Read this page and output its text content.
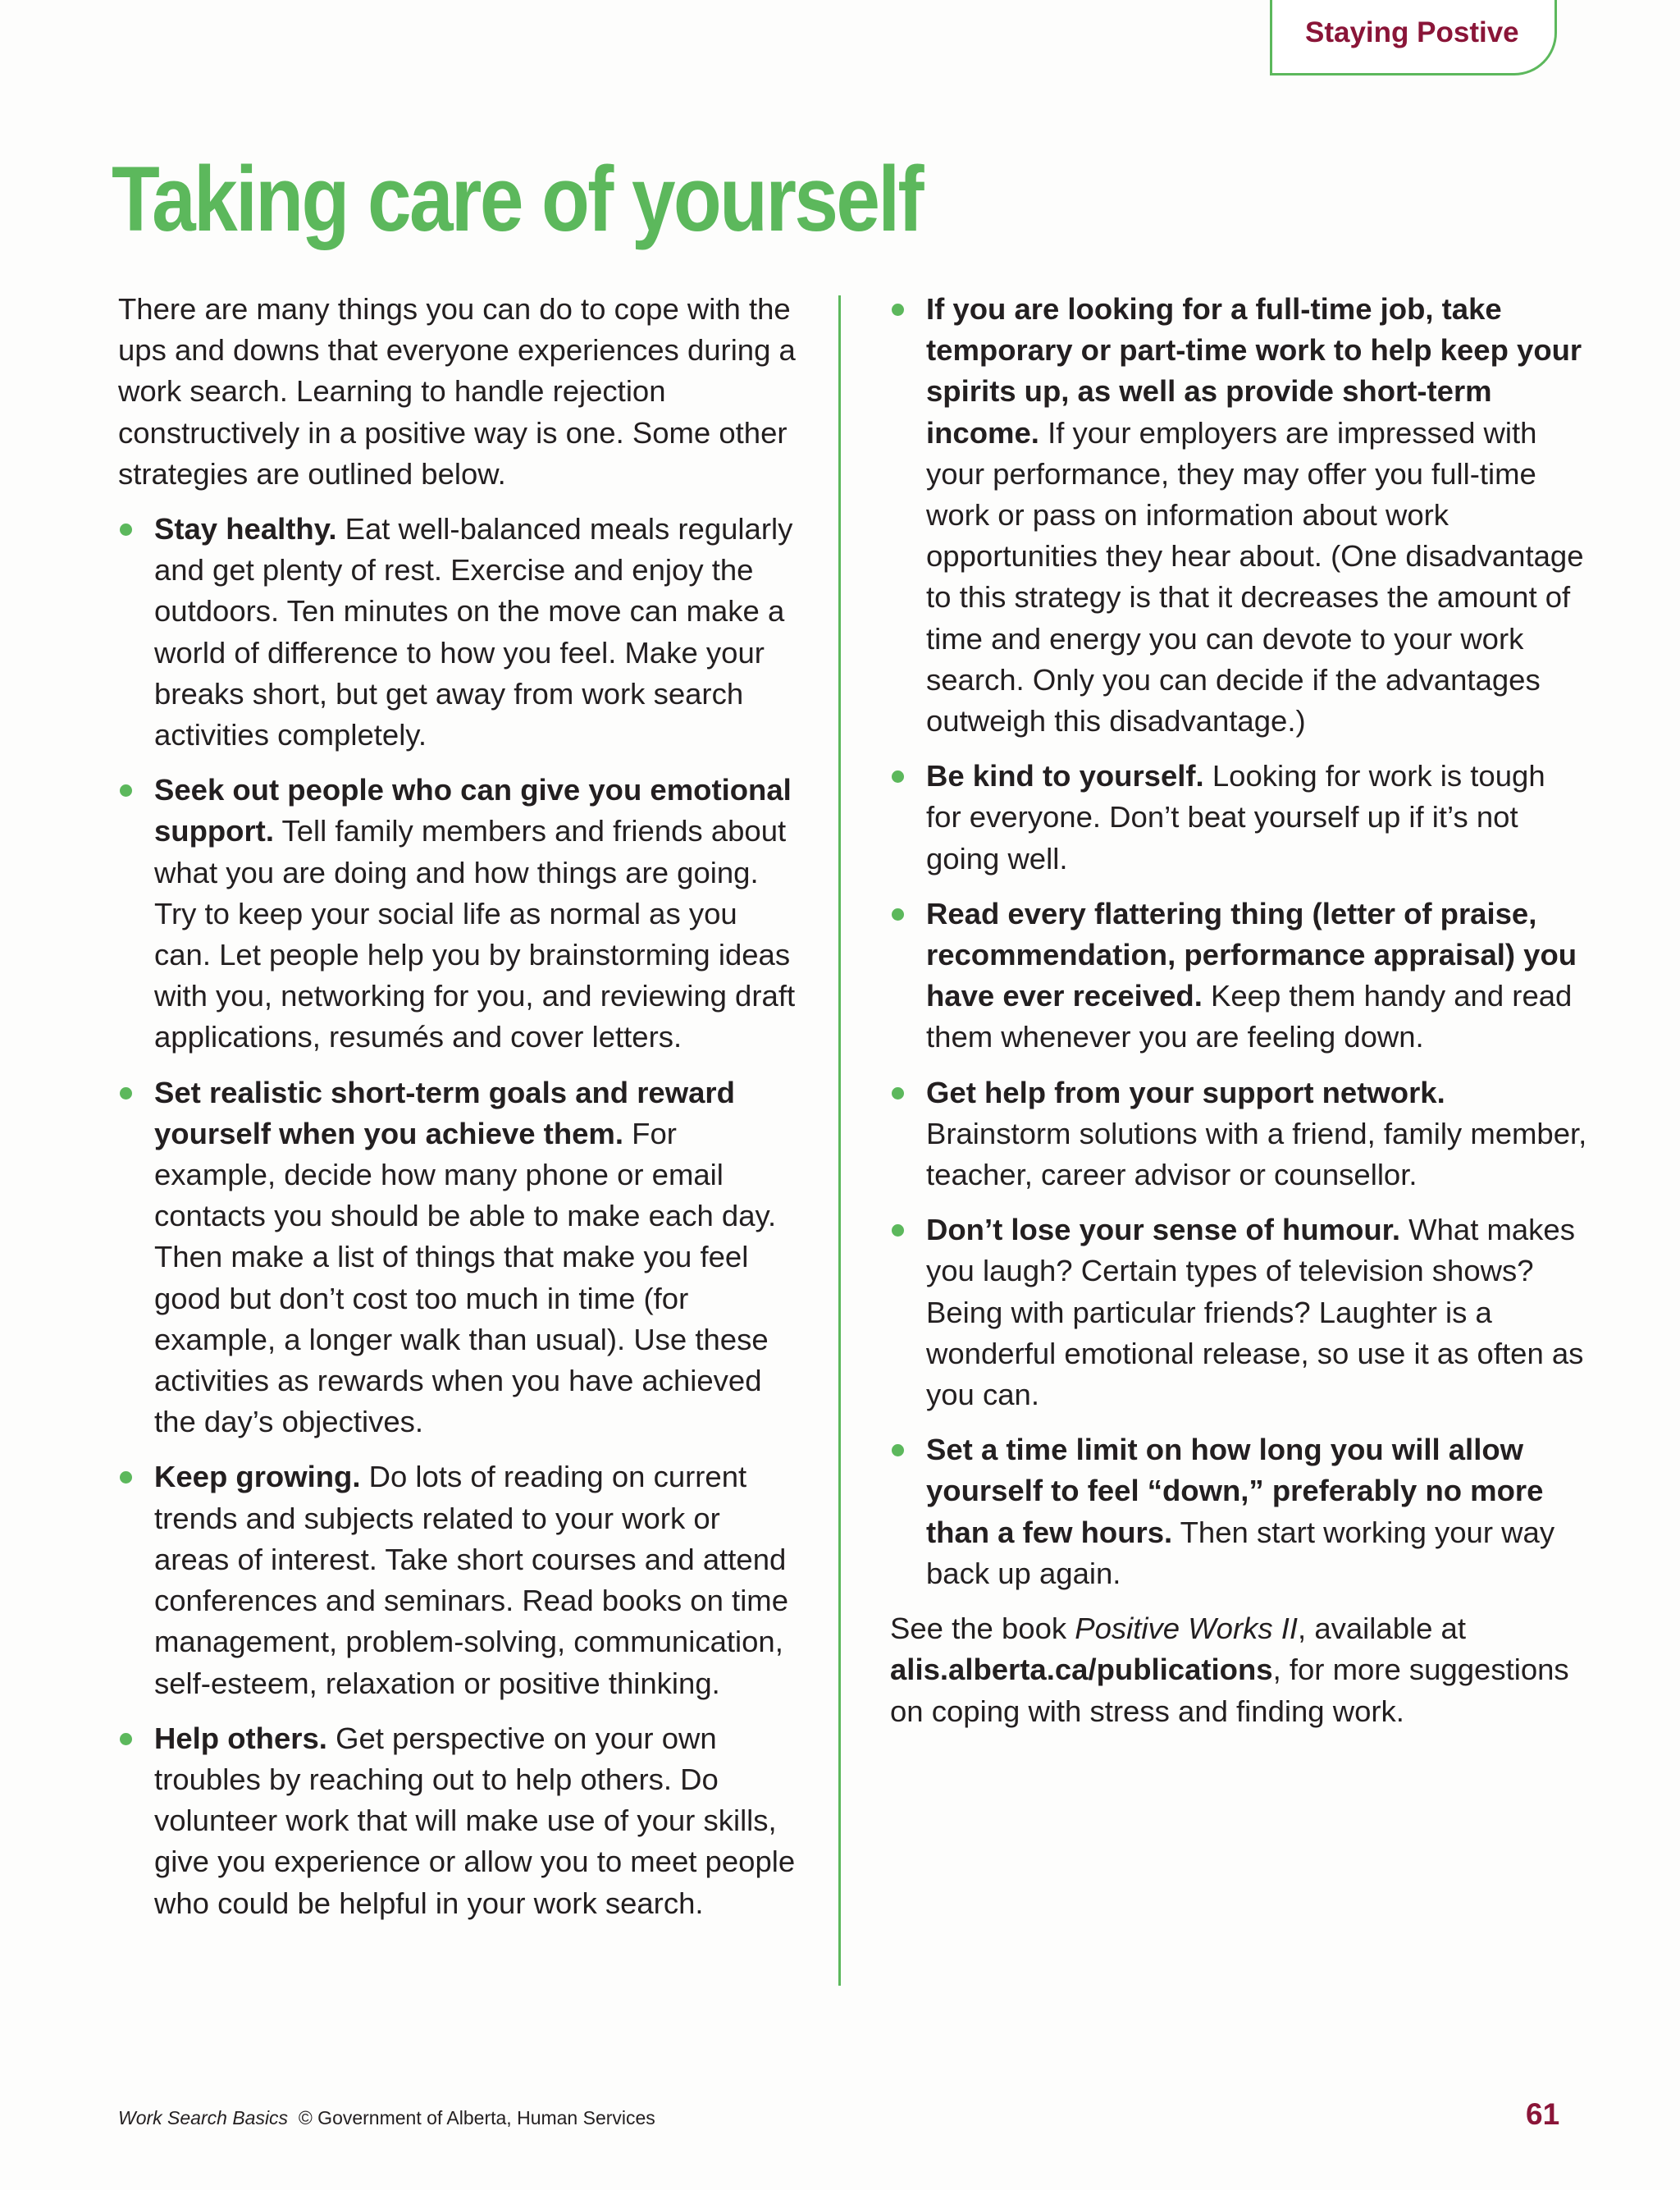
Staying Postive
Taking care of yourself

There are many things you can do to cope with the ups and downs that everyone experiences during a work search. Learning to handle rejection constructively in a positive way is one. Some other strategies are outlined below.

Stay healthy. Eat well-balanced meals regularly and get plenty of rest. Exercise and enjoy the outdoors. Ten minutes on the move can make a world of difference to how you feel. Make your breaks short, but get away from work search activities completely.
Seek out people who can give you emotional support. Tell family members and friends about what you are doing and how things are going. Try to keep your social life as normal as you can. Let people help you by brainstorming ideas with you, networking for you, and reviewing draft applications, resumés and cover letters.
Set realistic short-term goals and reward yourself when you achieve them. For example, decide how many phone or email contacts you should be able to make each day. Then make a list of things that make you feel good but don’t cost too much in time (for example, a longer walk than usual). Use these activities as rewards when you have achieved the day’s objectives.
Keep growing. Do lots of reading on current trends and subjects related to your work or areas of interest. Take short courses and attend conferences and seminars. Read books on time management, problem-solving, communication, self-esteem, relaxation or positive thinking.
Help others. Get perspective on your own troubles by reaching out to help others. Do volunteer work that will make use of your skills, give you experience or allow you to meet people who could be helpful in your work search.
If you are looking for a full-time job, take temporary or part-time work to help keep your spirits up, as well as provide short-term income. If your employers are impressed with your performance, they may offer you full-time work or pass on information about work opportunities they hear about. (One disadvantage to this strategy is that it decreases the amount of time and energy you can devote to your work search. Only you can decide if the advantages outweigh this disadvantage.)
Be kind to yourself. Looking for work is tough for everyone. Don’t beat yourself up if it’s not going well.
Read every flattering thing (letter of praise, recommendation, performance appraisal) you have ever received. Keep them handy and read them whenever you are feeling down.
Get help from your support network. Brainstorm solutions with a friend, family member, teacher, career advisor or counsellor.
Don’t lose your sense of humour. What makes you laugh? Certain types of television shows? Being with particular friends? Laughter is a wonderful emotional release, so use it as often as you can.
Set a time limit on how long you will allow yourself to feel “down,” preferably no more than a few hours. Then start working your way back up again.

See the book Positive Works II, available at alis.alberta.ca/publications, for more suggestions on coping with stress and finding work.

Work Search Basics  © Government of Alberta, Human Services	61
